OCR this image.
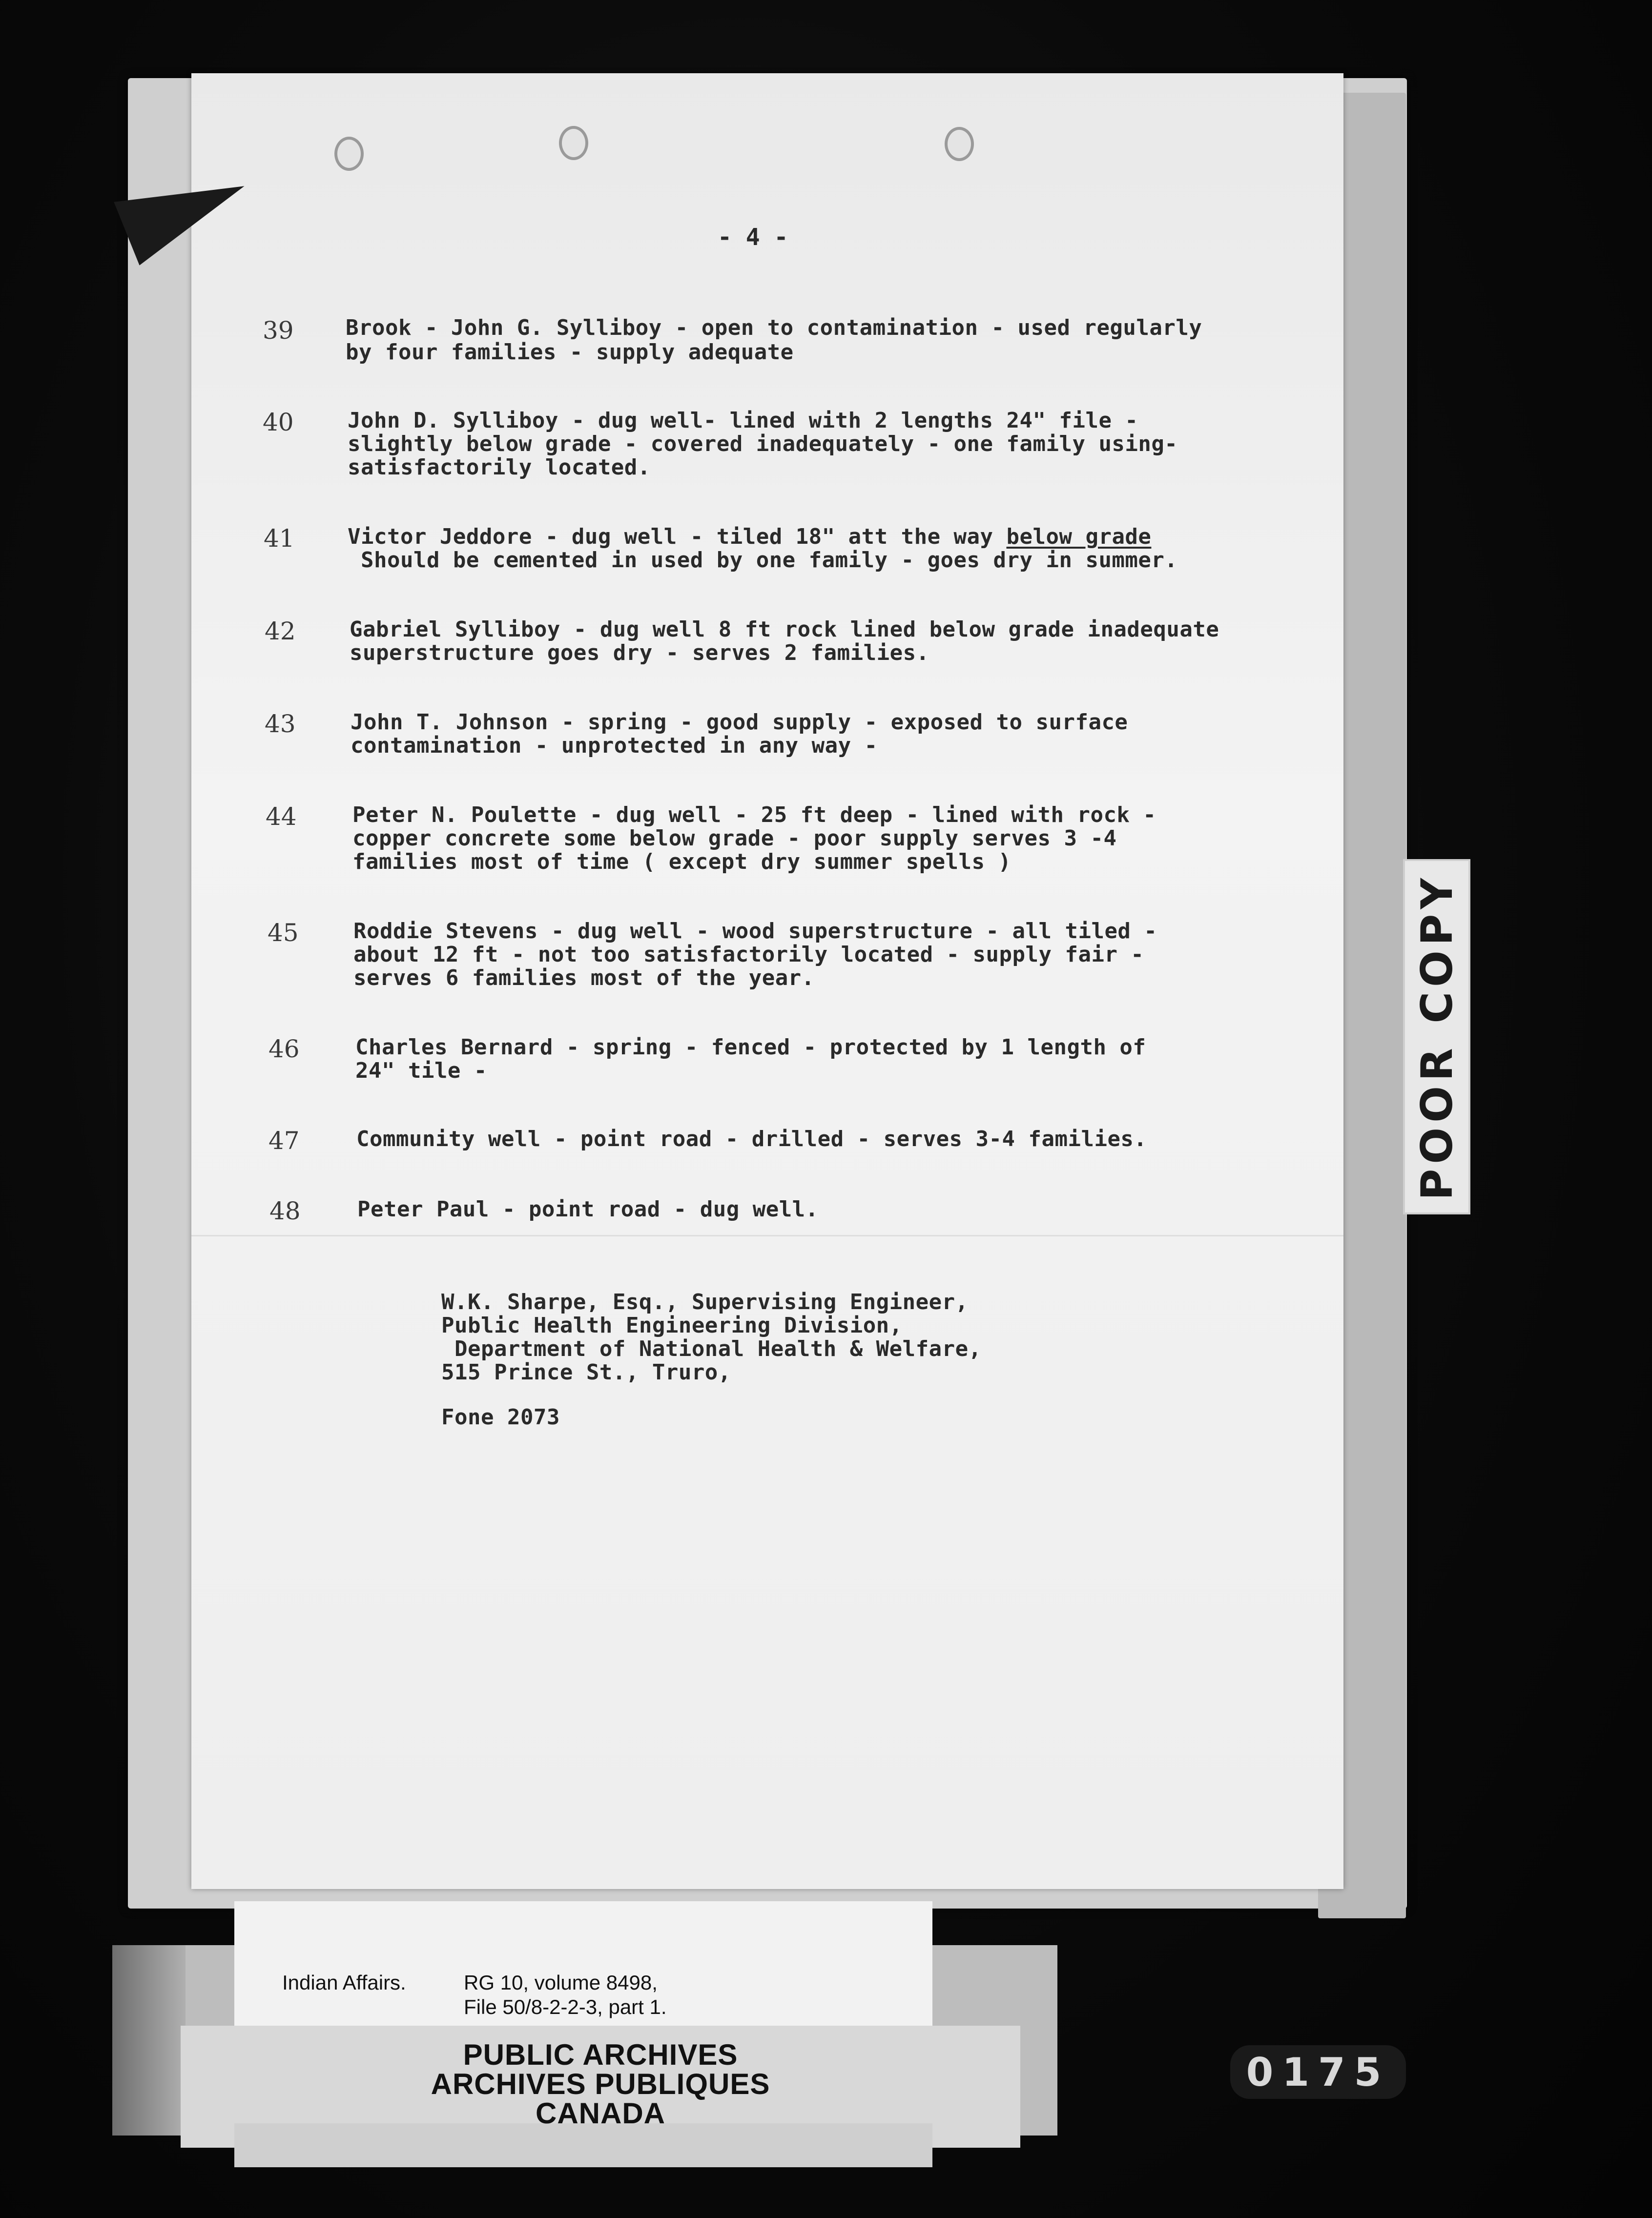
- 4 -
39 Brook - John G. Sylliboy - open to contamination - used regularly
by four families - supply adequate
40	John D. Sylliboy - dug well- lined with 2 lengths 24" file -
slightly below grade - covered inadequately - one family using-
satisfactorily located.
41 Victor Jeddore - dug well - tiled 18" att the way below grade
Should be cemented in used by one family - goes dry in summer.
42	Gabriel Sylliboy - dug well 8 ft rock lined below grade inadequate
superstructure goes dry - serves 2 families.
43	John T. Johnson - spring - good supply - exposed to surface
contamination - unprotected in any way -
44	Peter N. Poulette - dug well - 25 ft deep - lined with rock -
copper concrete some below grade - poor supply serves 3 -4
families most of time ( except dry summer spells )
45	Roddie Stevens - dug well - wood superstructure - all tiled -
about 12 ft - not too satisfactorily located - supply fair -
serves 6 families most of the year.
46	Charles Bernard - spring - fenced - protected by 1 length of
24" tile -
47	Community well - point road - drilled - serves 3-4 families.
48	Peter Paul - point road - dug well.
W.K. Sharpe, Esq., Supervising Engineer,
Public Health Engineering Division,
Department of National Health & Welfare,
515 Prince St., Truro,
Fone 2073
POOR COPY
Indian Affairs.	RG 10, volume 8498,
File 50/8-2-2-3, part 1.
PUBLIC ARCHIVES
ARCHIVES PUBLIQUES
CANADA
0175
